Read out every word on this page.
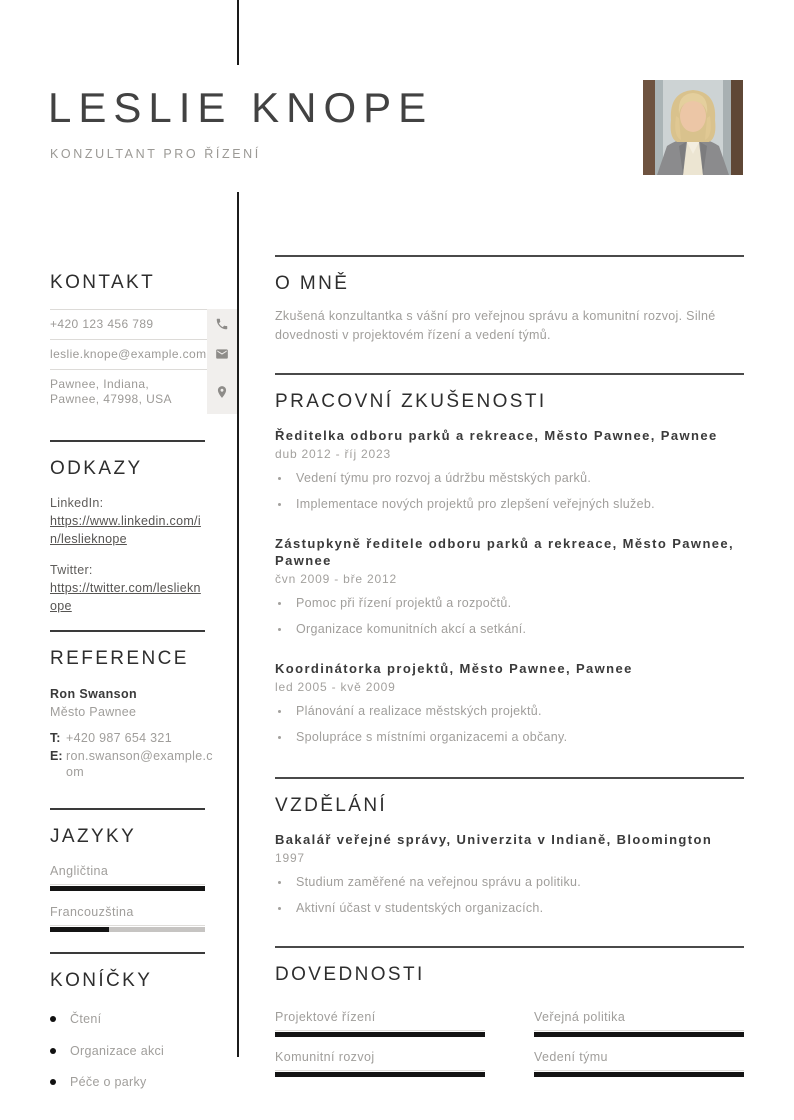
LESLIE KNOPE
KONZULTANT PRO ŘÍZENÍ
KONTAKT
+420 123 456 789
leslie.knope@example.com
Pawnee, Indiana, Pawnee, 47998, USA
ODKAZY
LinkedIn:
https://www.linkedin.com/in/leslieknope
Twitter:
https://twitter.com/leslieknope
REFERENCE
Ron Swanson
Město Pawnee
T: +420 987 654 321
E: ron.swanson@example.com
JAZYKY
Angličtina
Francouzština
KONÍČKY
Čtení
Organizace akci
Péče o parky
O MNĚ
Zkušená konzultantka s vášní pro veřejnou správu a komunitní rozvoj. Silné dovednosti v projektovém řízení a vedení týmů.
PRACOVNÍ ZKUŠENOSTI
Ředitelka odboru parků a rekreace, Město Pawnee, Pawnee
dub 2012 - říj 2023
Vedení týmu pro rozvoj a údržbu městských parků.
Implementace nových projektů pro zlepšení veřejných služeb.
Zástupkyně ředitele odboru parků a rekreace, Město Pawnee, Pawnee
čvn 2009 - bře 2012
Pomoc při řízení projektů a rozpočtů.
Organizace komunitních akcí a setkání.
Koordinátorka projektů, Město Pawnee, Pawnee
led 2005 - kvě 2009
Plánování a realizace městských projektů.
Spolupráce s místními organizacemi a občany.
VZDĚLÁNÍ
Bakalář veřejné správy, Univerzita v Indianě, Bloomington
1997
Studium zaměřené na veřejnou správu a politiku.
Aktivní účast v studentských organizacích.
DOVEDNOSTI
Projektové řízení	Veřejná politika
Komunitní rozvoj	Vedení týmu
